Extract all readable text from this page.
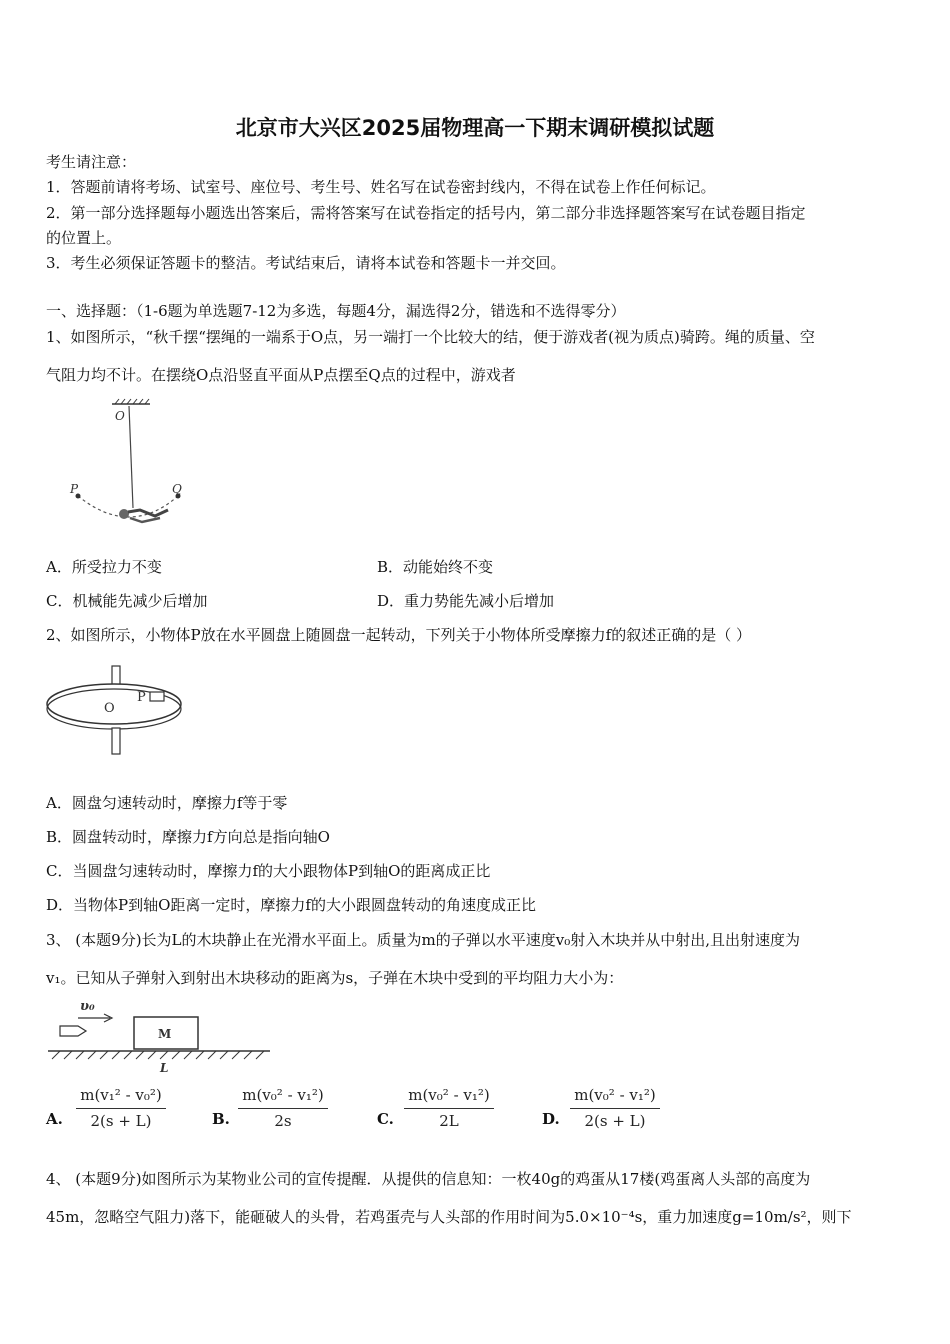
北京市大兴区2025届物理高一下期末调研模拟试题
考生请注意：
1．答题前请将考场、试室号、座位号、考生号、姓名写在试卷密封线内，不得在试卷上作任何标记。
2．第一部分选择题每小题选出答案后，需将答案写在试卷指定的括号内，第二部分非选择题答案写在试卷题目指定
的位置上。
3．考生必须保证答题卡的整洁。考试结束后，请将本试卷和答题卡一并交回。
一、选择题：（1-6题为单选题7-12为多选，每题4分，漏选得2分，错选和不选得零分）
1、如图所示，“秋千摆“摆绳的一端系于O点，另一端打一个比较大的结，便于游戏者(视为质点)骑跨。绳的质量、空
气阻力均不计。在摆绕O点沿竖直平面从P点摆至Q点的过程中，游戏者
O
P	Q
A．所受拉力不变	B．动能始终不变
C．机械能先减少后增加	D．重力势能先减小后增加
2、如图所示，小物体P放在水平圆盘上随圆盘一起转动，下列关于小物体所受摩擦力f的叙述正确的是（ ）
O
P
A．圆盘匀速转动时，摩擦力f等于零
B．圆盘转动时，摩擦力f方向总是指向轴O
C．当圆盘匀速转动时，摩擦力f的大小跟物体P到轴O的距离成正比
D．当物体P到轴O距离一定时，摩擦力f的大小跟圆盘转动的角速度成正比
3、 (本题9分)长为L的木块静止在光滑水平面上。质量为m的子弹以水平速度v₀射入木块并从中射出,且出射速度为
v₁。已知从子弹射入到射出木块移动的距离为s，子弹在木块中受到的平均阻力大小为：
υ₀
M
L
A. $\frac{\text{m(v₁² - v₀²)}}{2(s + L)}$	B. $\frac{\text{m(v₀² - v₁²)}}{2s}$	C. $\frac{\text{m(v₀² - v₁²)}}{2L}$	D. $\frac{\text{m(v₀² - v₁²)}}{2(s + L)}$
4、 (本题9分)如图所示为某物业公司的宣传提醒．从提供的信息知：一枚40g的鸡蛋从17楼(鸡蛋离人头部的高度为
45m，忽略空气阻力)落下，能砸破人的头骨，若鸡蛋壳与人头部的作用时间为5.0×10⁻⁴s，重力加速度g=10m/s²，则下
